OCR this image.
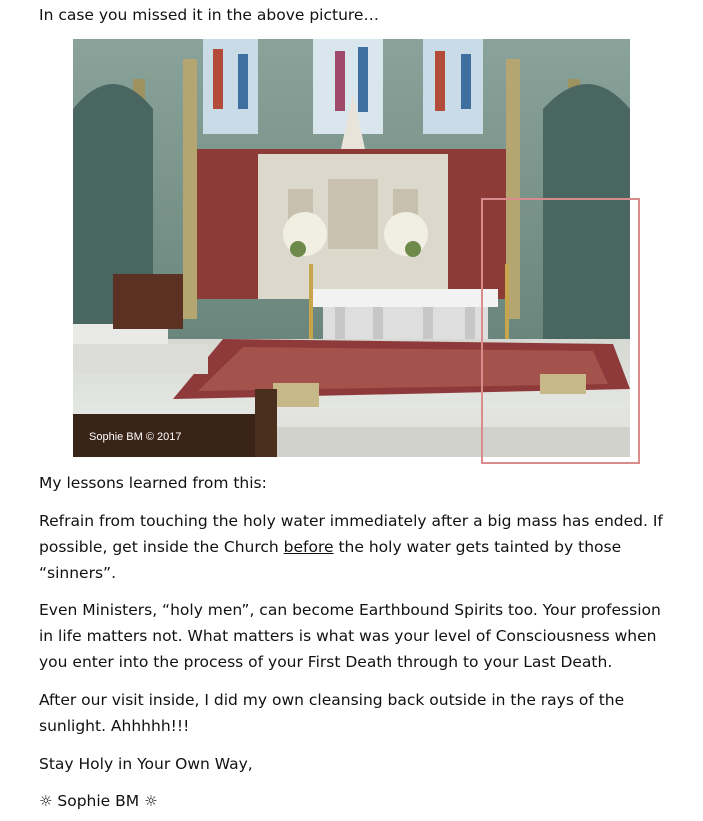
In case you missed it in the above picture…
Sophie BM © 2017
My lessons learned from this:
Refrain from touching the holy water immediately after a big mass has ended. If possible, get inside the Church before the holy water gets tainted by those “sinners”.
Even Ministers, “holy men”, can become Earthbound Spirits too. Your profession in life matters not. What matters is what was your level of Consciousness when you enter into the process of your First Death through to your Last Death.
After our visit inside, I did my own cleansing back outside in the rays of the sunlight. Ahhhhh!!!
Stay Holy in Your Own Way,
☼ Sophie BM ☼
